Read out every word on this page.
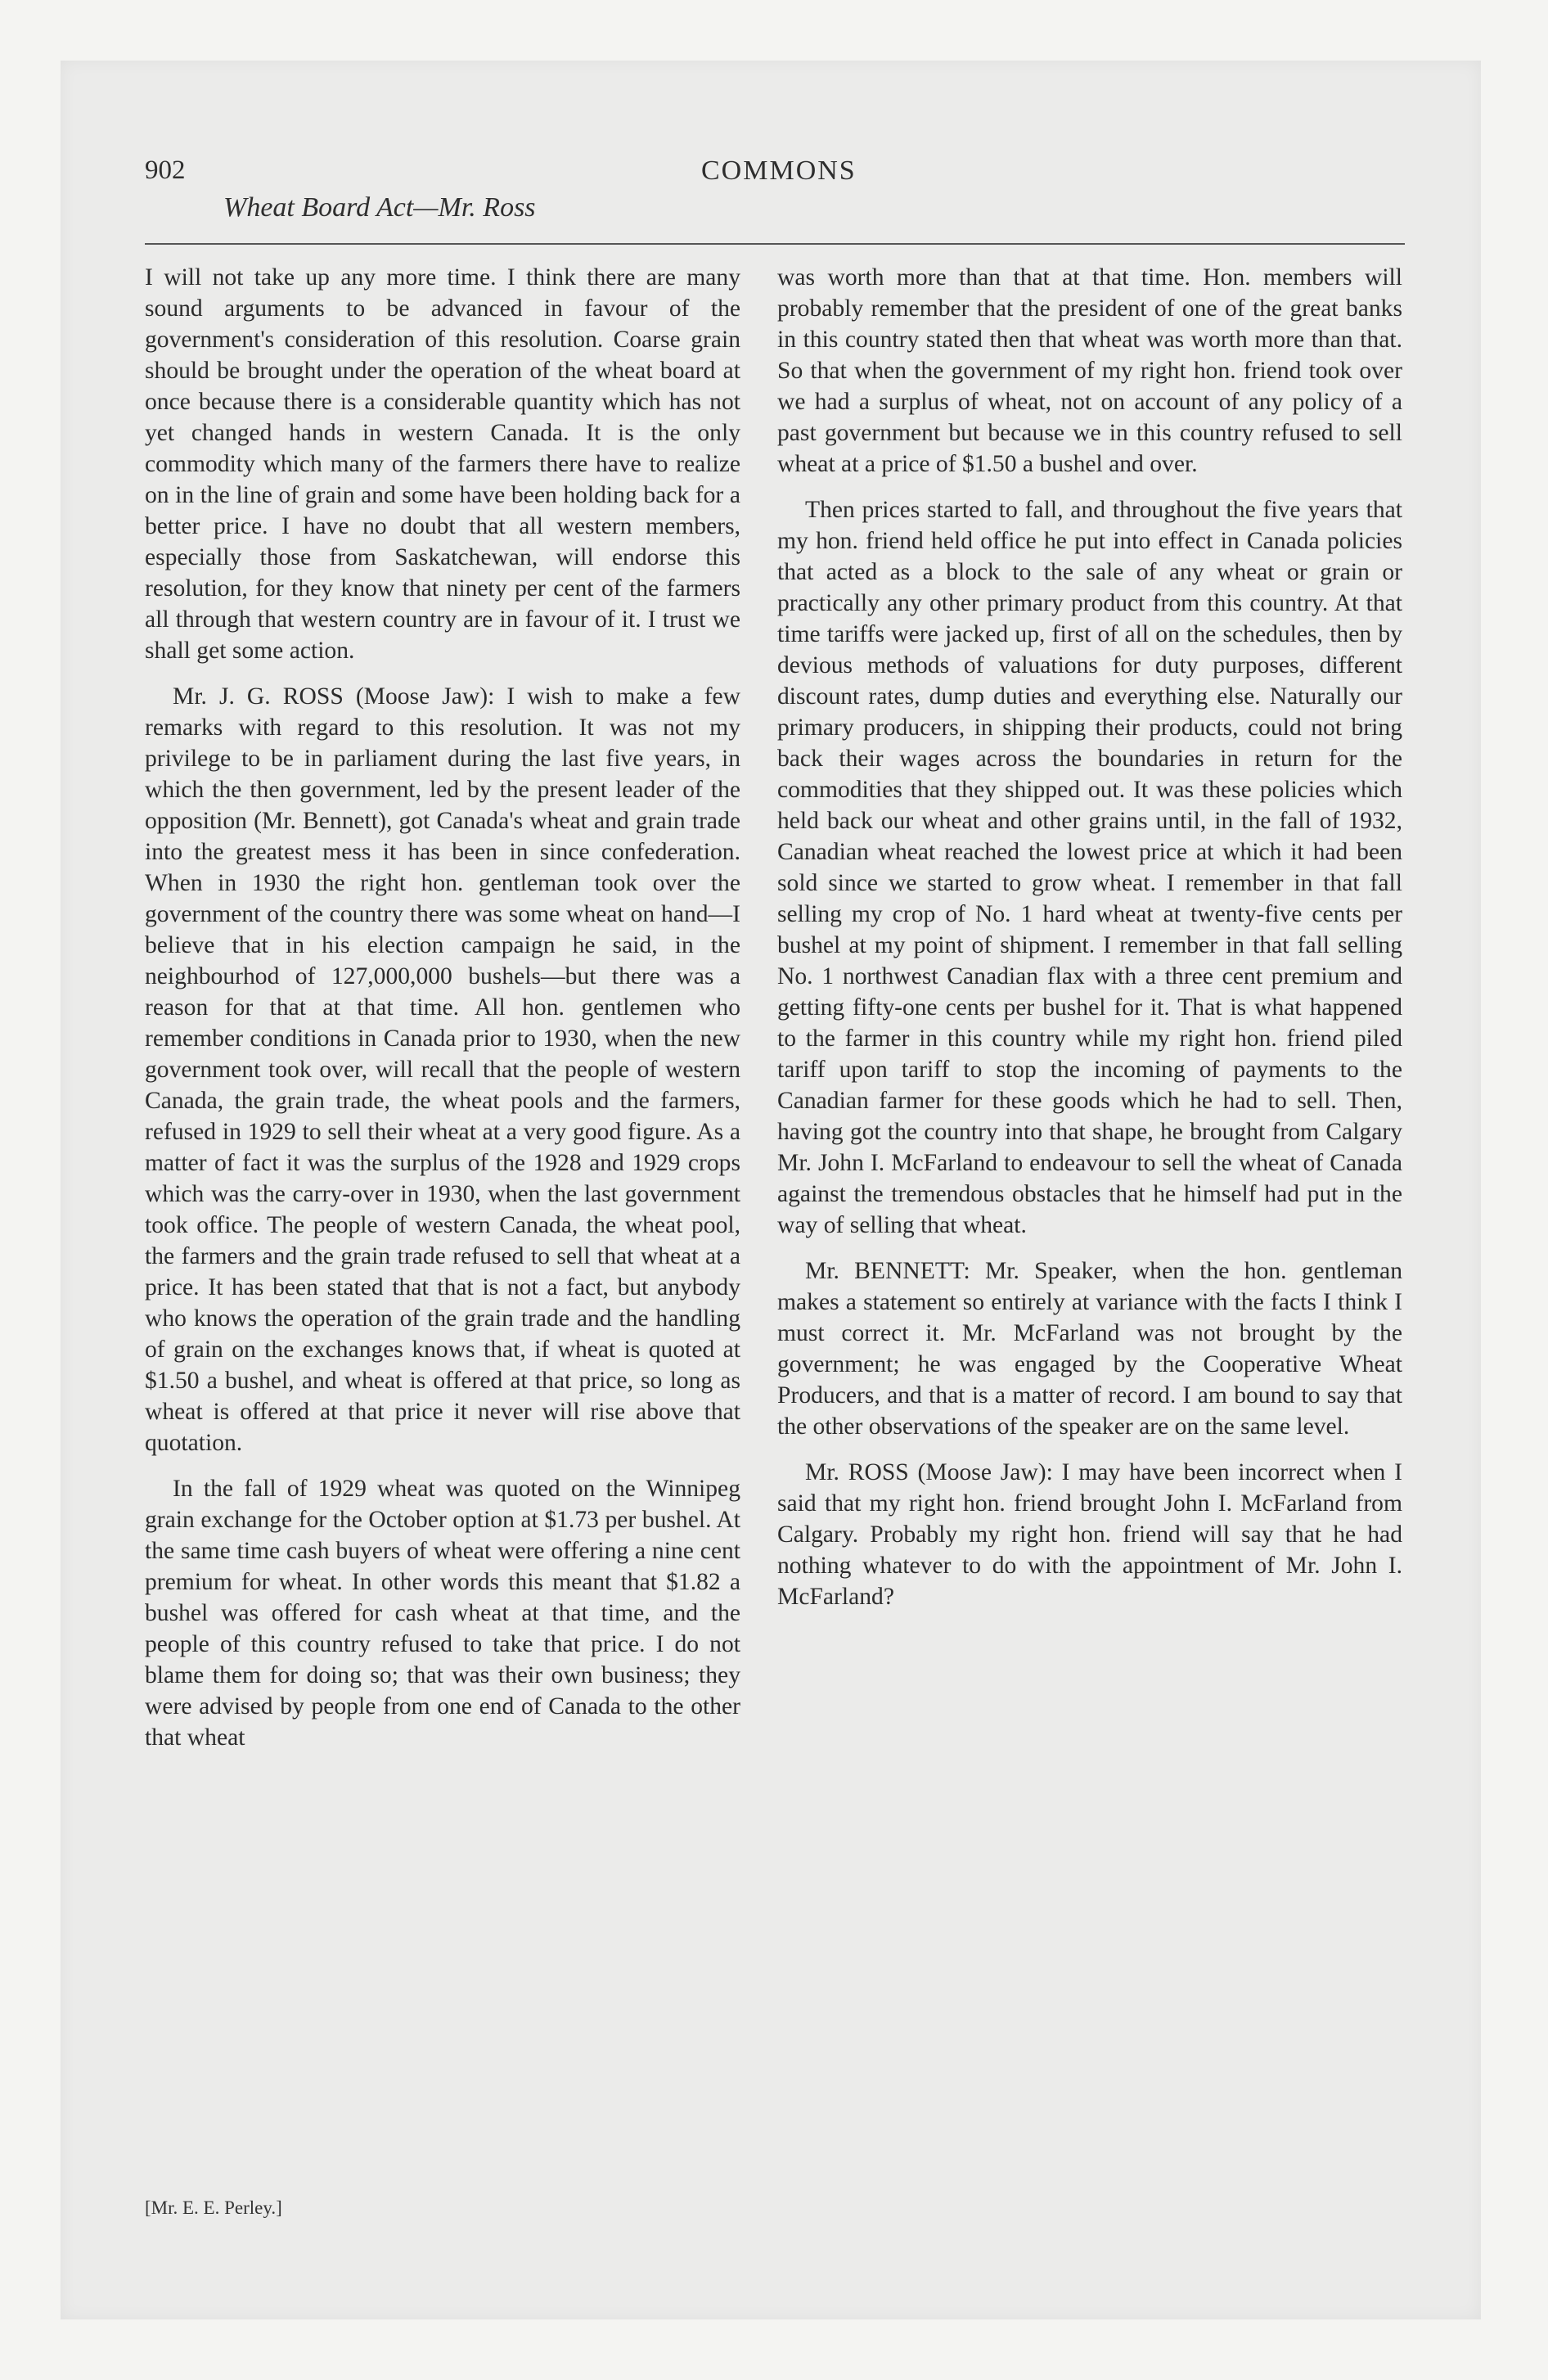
902
Wheat Board Act—Mr. Ross
COMMONS

I will not take up any more time. I think there are many sound arguments to be advanced in favour of the government's consideration of this resolution. Coarse grain should be brought under the operation of the wheat board at once because there is a considerable quantity which has not yet changed hands in western Canada. It is the only commodity which many of the farmers there have to realize on in the line of grain and some have been holding back for a better price. I have no doubt that all western members, especially those from Saskatchewan, will endorse this resolution, for they know that ninety per cent of the farmers all through that western country are in favour of it. I trust we shall get some action.

Mr. J. G. ROSS (Moose Jaw): I wish to make a few remarks with regard to this resolution. It was not my privilege to be in parliament during the last five years, in which the then government, led by the present leader of the opposition (Mr. Bennett), got Canada's wheat and grain trade into the greatest mess it has been in since confederation. When in 1930 the right hon. gentleman took over the government of the country there was some wheat on hand—I believe that in his election campaign he said, in the neighbourhod of 127,000,000 bushels—but there was a reason for that at that time. All hon. gentlemen who remember conditions in Canada prior to 1930, when the new government took over, will recall that the people of western Canada, the grain trade, the wheat pools and the farmers, refused in 1929 to sell their wheat at a very good figure. As a matter of fact it was the surplus of the 1928 and 1929 crops which was the carry-over in 1930, when the last government took office. The people of western Canada, the wheat pool, the farmers and the grain trade refused to sell that wheat at a price. It has been stated that that is not a fact, but anybody who knows the operation of the grain trade and the handling of grain on the exchanges knows that, if wheat is quoted at $1.50 a bushel, and wheat is offered at that price, so long as wheat is offered at that price it never will rise above that quotation.

In the fall of 1929 wheat was quoted on the Winnipeg grain exchange for the October option at $1.73 per bushel. At the same time cash buyers of wheat were offering a nine cent premium for wheat. In other words this meant that $1.82 a bushel was offered for cash wheat at that time, and the people of this country refused to take that price. I do not blame them for doing so; that was their own business; they were advised by people from one end of Canada to the other that wheat

was worth more than that at that time. Hon. members will probably remember that the president of one of the great banks in this country stated then that wheat was worth more than that. So that when the government of my right hon. friend took over we had a surplus of wheat, not on account of any policy of a past government but because we in this country refused to sell wheat at a price of $1.50 a bushel and over.

Then prices started to fall, and throughout the five years that my hon. friend held office he put into effect in Canada policies that acted as a block to the sale of any wheat or grain or practically any other primary product from this country. At that time tariffs were jacked up, first of all on the schedules, then by devious methods of valuations for duty purposes, different discount rates, dump duties and everything else. Naturally our primary producers, in shipping their products, could not bring back their wages across the boundaries in return for the commodities that they shipped out. It was these policies which held back our wheat and other grains until, in the fall of 1932, Canadian wheat reached the lowest price at which it had been sold since we started to grow wheat. I remember in that fall selling my crop of No. 1 hard wheat at twenty-five cents per bushel at my point of shipment. I remember in that fall selling No. 1 northwest Canadian flax with a three cent premium and getting fifty-one cents per bushel for it. That is what happened to the farmer in this country while my right hon. friend piled tariff upon tariff to stop the incoming of payments to the Canadian farmer for these goods which he had to sell. Then, having got the country into that shape, he brought from Calgary Mr. John I. McFarland to endeavour to sell the wheat of Canada against the tremendous obstacles that he himself had put in the way of selling that wheat.

Mr. BENNETT: Mr. Speaker, when the hon. gentleman makes a statement so entirely at variance with the facts I think I must correct it. Mr. McFarland was not brought by the government; he was engaged by the Cooperative Wheat Producers, and that is a matter of record. I am bound to say that the other observations of the speaker are on the same level.

Mr. ROSS (Moose Jaw): I may have been incorrect when I said that my right hon. friend brought John I. McFarland from Calgary. Probably my right hon. friend will say that he had nothing whatever to do with the appointment of Mr. John I. McFarland?

[Mr. E. E. Perley.]
